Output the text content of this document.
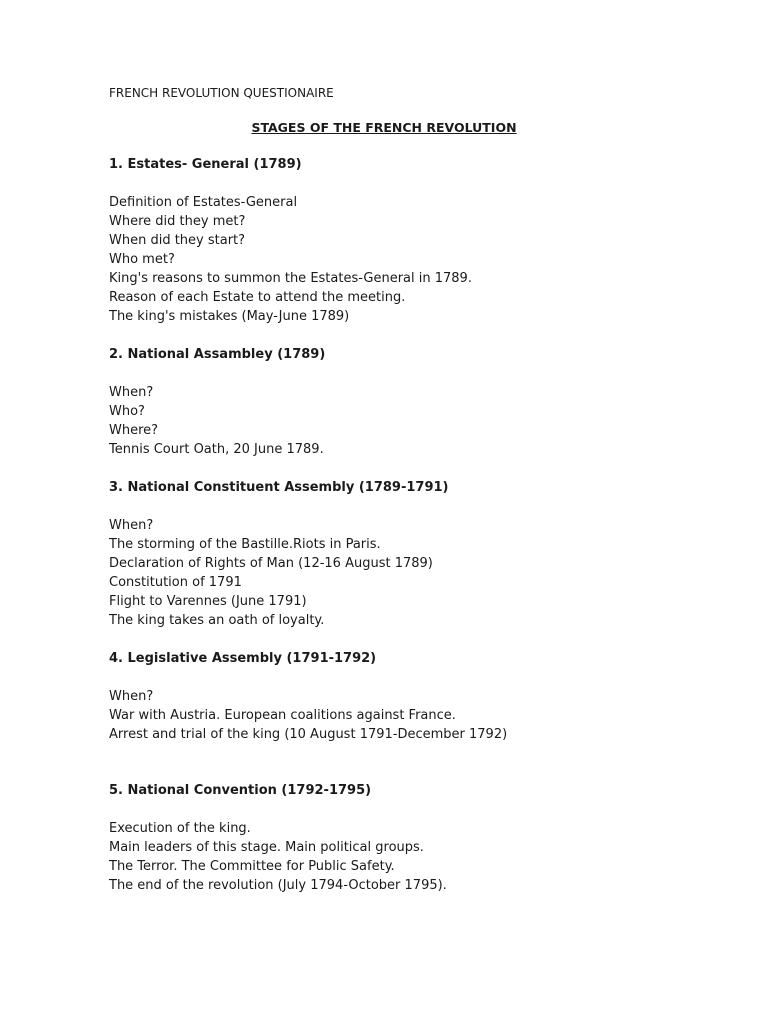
FRENCH REVOLUTION QUESTIONAIRE
STAGES OF THE FRENCH REVOLUTION
1. Estates- General (1789)
Definition of Estates-General
Where did they met?
When did they start?
Who met?
King's reasons to summon the Estates-General in 1789.
Reason of each Estate to attend the meeting.
The king's mistakes (May-June 1789)
2. National Assambley (1789)
When?
Who?
Where?
Tennis Court Oath, 20 June 1789.
3. National Constituent Assembly (1789-1791)
When?
The storming of the Bastille.Riots in Paris.
Declaration of Rights of Man (12-16 August 1789)
Constitution of 1791
Flight to Varennes (June 1791)
The king takes an oath of loyalty.
4. Legislative Assembly (1791-1792)
When?
War with Austria. European coalitions against France.
Arrest and trial of the king (10 August 1791-December 1792)
5. National Convention (1792-1795)
Execution of the king.
Main leaders of this stage. Main political groups.
The Terror. The Committee for Public Safety.
The end of the revolution (July 1794-October 1795).
